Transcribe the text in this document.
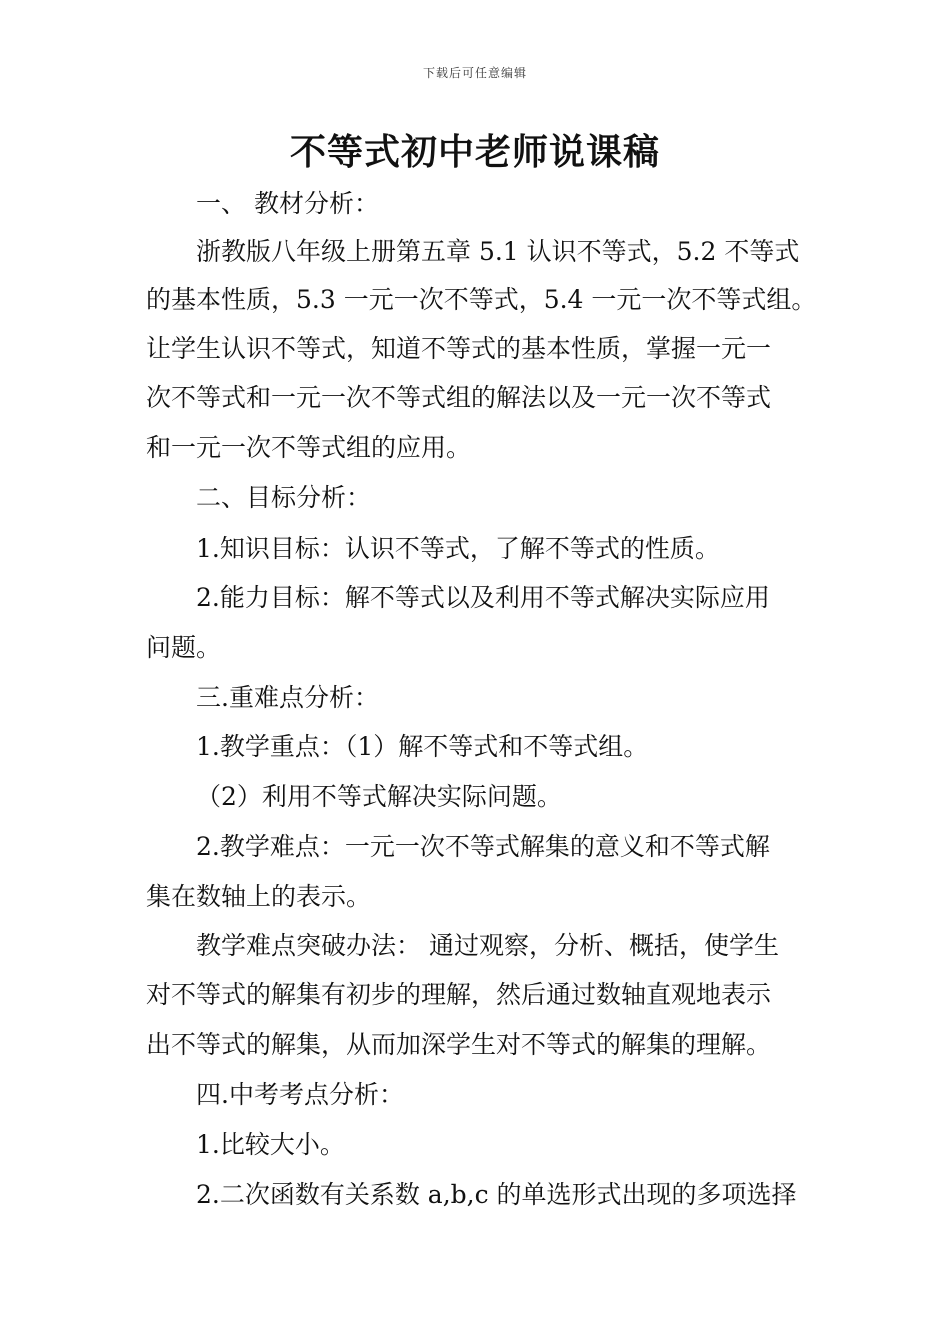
下载后可任意编辑
不等式初中老师说课稿
一、 教材分析：
浙教版八年级上册第五章 5.1 认识不等式，5.2 不等式
的基本性质，5.3 一元一次不等式，5.4 一元一次不等式组。
让学生认识不等式，知道不等式的基本性质，掌握一元一
次不等式和一元一次不等式组的解法以及一元一次不等式
和一元一次不等式组的应用。
二、目标分析：
1.知识目标：认识不等式，了解不等式的性质。
2.能力目标：解不等式以及利用不等式解决实际应用
问题。
三.重难点分析：
1.教学重点：（1）解不等式和不等式组。
（2）利用不等式解决实际问题。
2.教学难点：一元一次不等式解集的意义和不等式解
集在数轴上的表示。
教学难点突破办法： 通过观察，分析、概括，使学生
对不等式的解集有初步的理解，然后通过数轴直观地表示
出不等式的解集，从而加深学生对不等式的解集的理解。
四.中考考点分析：
1.比较大小。
2.二次函数有关系数 a,b,c 的单选形式出现的多项选择
